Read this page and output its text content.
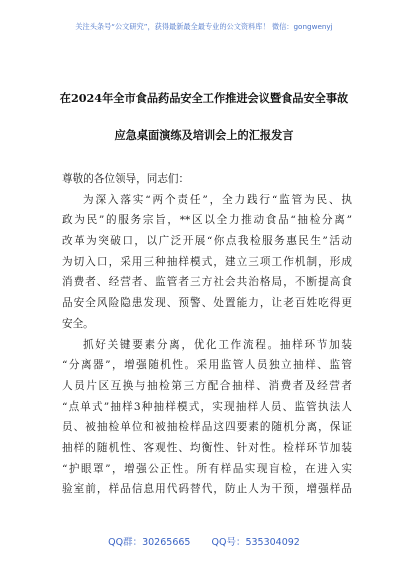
关注头条号“公文研究”，获得最新最全最专业的公文资料库！ 微信：gongwenyj
在2024年全市食品药品安全工作推进会议暨食品安全事故
应急桌面演练及培训会上的汇报发言
尊敬的各位领导，同志们：
为深入落实“两个责任”，全力践行“监管为民、执
政为民”的服务宗旨，**区以全力推动食品“抽检分离”
改革为突破口，以广泛开展“你点我检服务惠民生”活动
为切入口，采用三种抽样模式，建立三项工作机制，形成
消费者、经营者、监管者三方社会共治格局，不断提高食
品安全风险隐患发现、预警、处置能力，让老百姓吃得更
安全。
抓好关键要素分离，优化工作流程。抽样环节加装
“分离器”，增强随机性。采用监管人员独立抽样、监管
人员片区互换与抽检第三方配合抽样、消费者及经营者
“点单式”抽样3种抽样模式，实现抽样人员、监管执法人
员、被抽检单位和被抽检样品这四要素的随机分离，保证
抽样的随机性、客观性、均衡性、针对性。检样环节加装
“护眼罩”，增强公正性。所有样品实现盲检，在进入实
验室前，样品信息用代码替代，防止人为干预，增强样品
QQ群：30265665 QQ号：535304092
